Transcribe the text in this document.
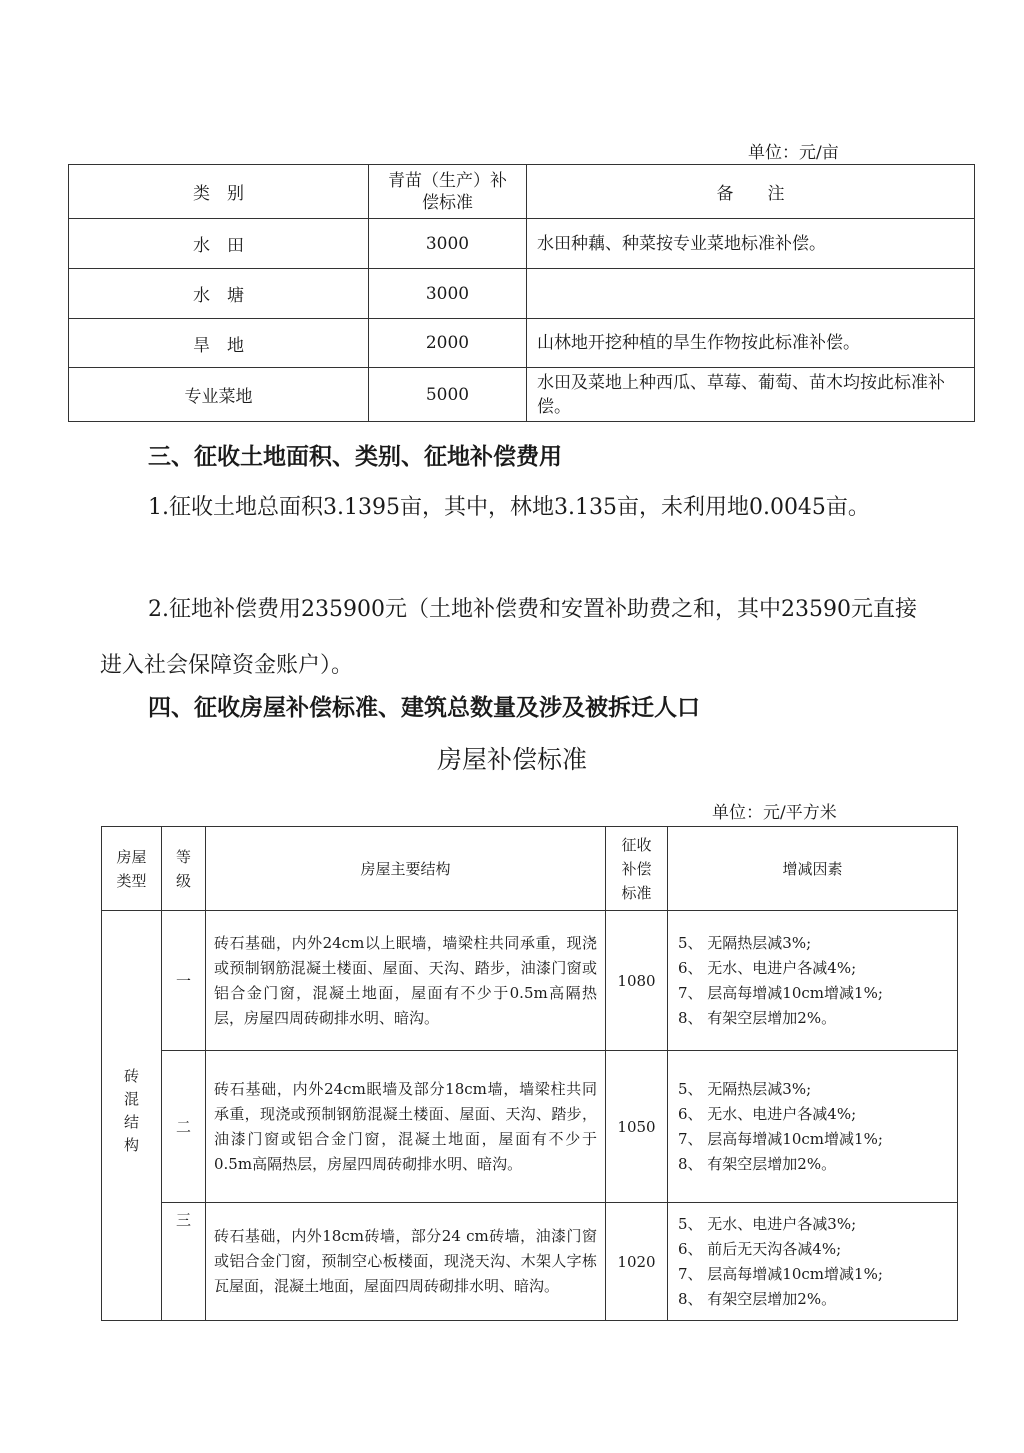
单位：元/亩
类　别	青苗（生产）补偿标准	备　　注
水　田	3000	水田种藕、种菜按专业菜地标准补偿。
水　塘	3000	
旱　地	2000	山林地开挖种植的旱生作物按此标准补偿。
专业菜地	5000	水田及菜地上种西瓜、草莓、葡萄、苗木均按此标准补偿。
三、征收土地面积、类别、征地补偿费用
1.征收土地总面积3.1395亩，其中，林地3.135亩，未利用地0.0045亩。
2.征地补偿费用235900元（土地补偿费和安置补助费之和，其中23590元直接进入社会保障资金账户）。
四、征收房屋补偿标准、建筑总数量及涉及被拆迁人口
房屋补偿标准
单位：元/平方米
房屋类型	等级	房屋主要结构	征收补偿标准	增减因素
砖混结构	一	砖石基础，内外24cm以上眠墙，墙梁柱共同承重，现浇或预制钢筋混凝土楼面、屋面、天沟、踏步，油漆门窗或铝合金门窗，混凝土地面，屋面有不少于0.5m高隔热层，房屋四周砖砌排水明、暗沟。	1080	5、 无隔热层减3%;
6、 无水、电进户各减4%;
7、 层高每增减10cm增减1%;
8、 有架空层增加2%。

	二	砖石基础，内外24cm眠墙及部分18cm墙，墙梁柱共同承重，现浇或预制钢筋混凝土楼面、屋面、天沟、踏步，油漆门窗或铝合金门窗，混凝土地面，屋面有不少于0.5m高隔热层，房屋四周砖砌排水明、暗沟。	1050	5、 无隔热层减3%;
6、 无水、电进户各减4%;
7、 层高每增减10cm增减1%;
8、 有架空层增加2%。

	三	砖石基础，内外18cm砖墙，部分24 cm砖墙，油漆门窗或铝合金门窗，预制空心板楼面，现浇天沟、木架人字栋瓦屋面，混凝土地面，屋面四周砖砌排水明、暗沟。	1020	5、 无水、电进户各减3%;
6、 前后无天沟各减4%;
7、 层高每增减10cm增减1%;
8、 有架空层增加2%。
